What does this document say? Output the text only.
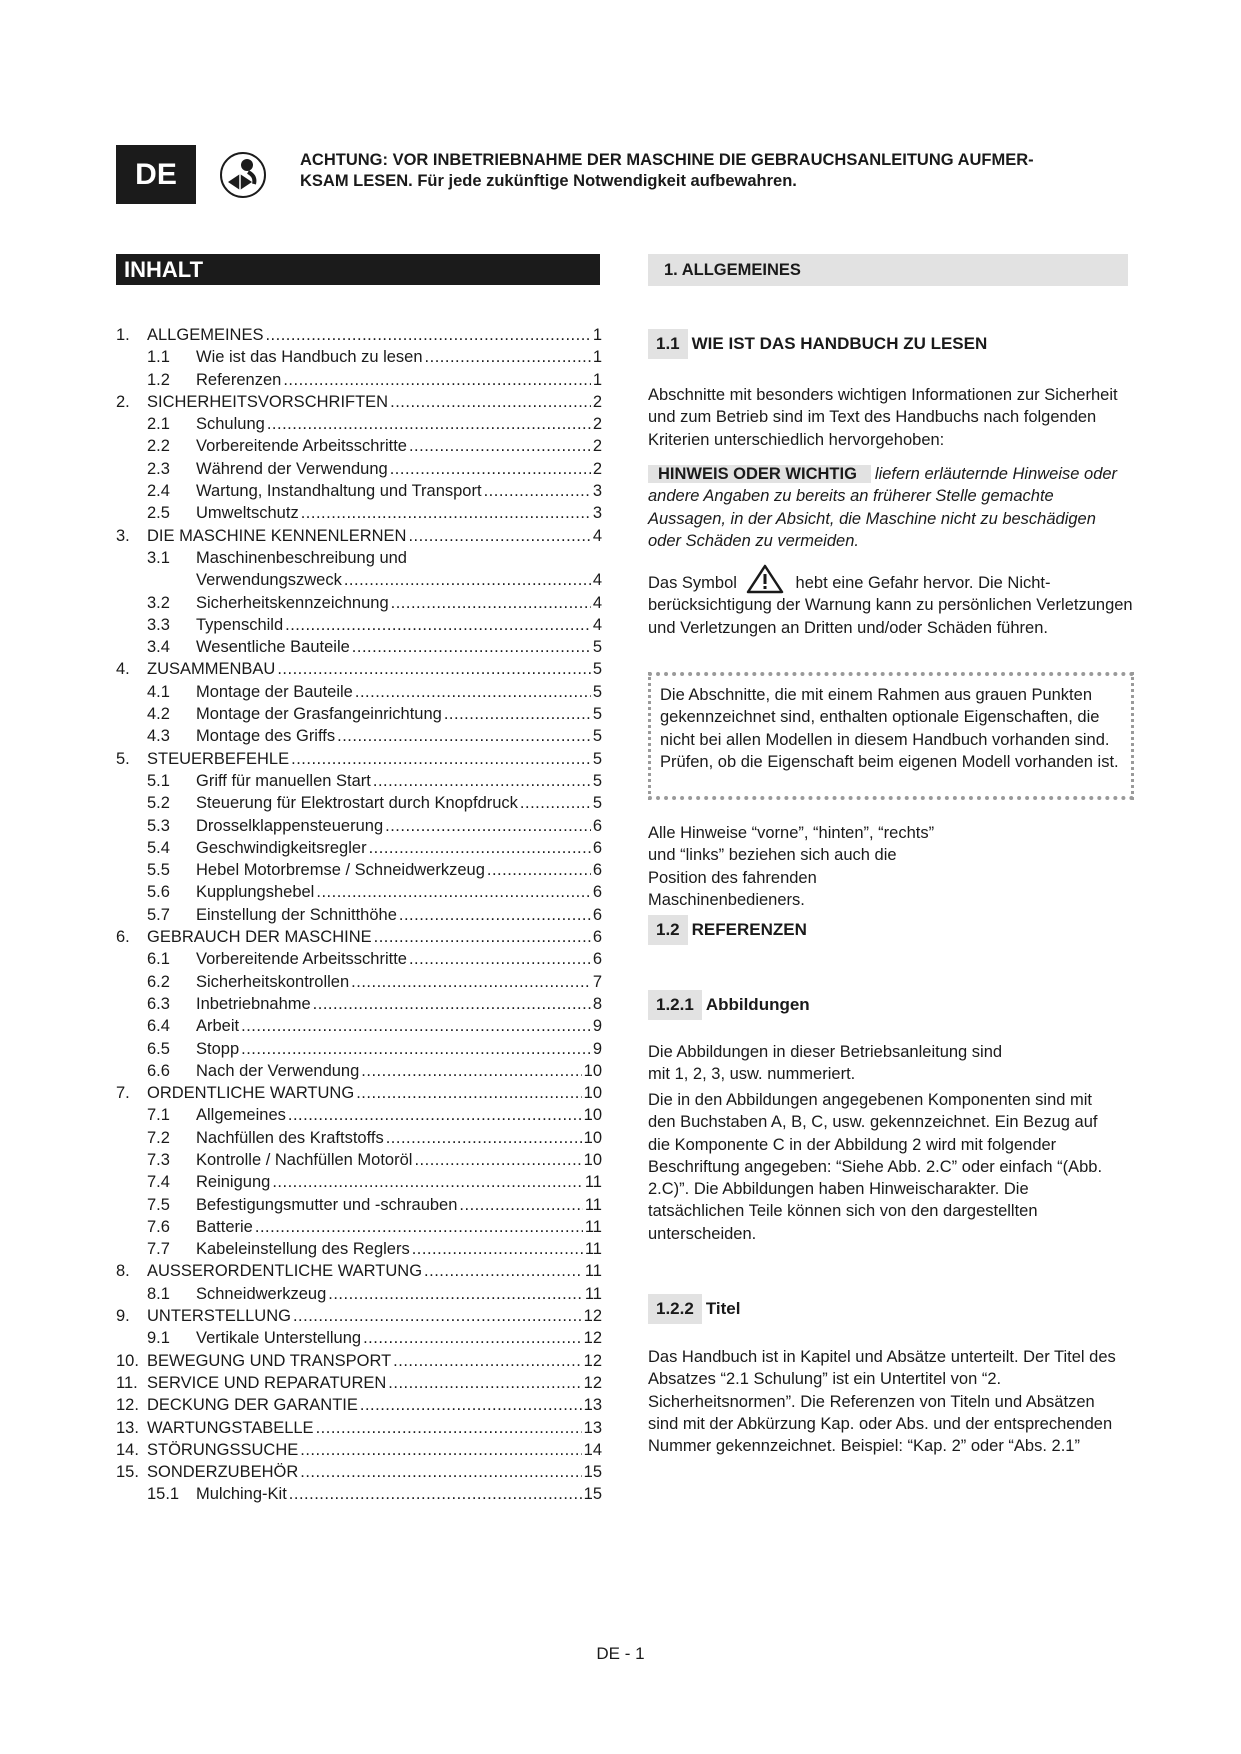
DE	ACHTUNG: VOR INBETRIEBNAHME DER MASCHINE DIE GEBRAUCHSANLEITUNG AUFMER-
KSAM LESEN. Für jede zukünftige Notwendigkeit aufbewahren.
INHALT
1.	ALLGEMEINES .....	1
1.1	Wie ist das Handbuch zu lesen .....	1
1.2	Referenzen .....	1
2.	SICHERHEITSVORSCHRIFTEN .....	2
2.1	Schulung .....	2
2.2	Vorbereitende Arbeitsschritte .....	2
2.3	Während der Verwendung .....	2
2.4	Wartung, Instandhaltung und Transport .....	3
2.5	Umweltschutz .....	3
3.	DIE MASCHINE KENNENLERNEN .....	4
3.1	Maschinenbeschreibung und
Verwendungszweck .....	4
3.2	Sicherheitskennzeichnung .....	4
3.3	Typenschild .....	4
3.4	Wesentliche Bauteile .....	5
4.	ZUSAMMENBAU .....	5
4.1	Montage der Bauteile .....	5
4.2	Montage der Grasfangeinrichtung .....	5
4.3	Montage des Griffs .....	5
5.	STEUERBEFEHLE .....	5
5.1	Griff für manuellen Start .....	5
5.2	Steuerung für Elektrostart durch Knopfdruck .....	5
5.3	Drosselklappensteuerung .....	6
5.4	Geschwindigkeitsregler .....	6
5.5	Hebel Motorbremse / Schneidwerkzeug .....	6
5.6	Kupplungshebel .....	6
5.7	Einstellung der Schnitthöhe .....	6
6.	GEBRAUCH DER MASCHINE .....	6
6.1	Vorbereitende Arbeitsschritte .....	6
6.2	Sicherheitskontrollen .....	7
6.3	Inbetriebnahme .....	8
6.4	Arbeit .....	9
6.5	Stopp .....	9
6.6	Nach der Verwendung .....	10
7.	ORDENTLICHE WARTUNG .....	10
7.1	Allgemeines .....	10
7.2	Nachfüllen des Kraftstoffs .....	10
7.3	Kontrolle / Nachfüllen Motoröl .....	10
7.4	Reinigung .....	11
7.5	Befestigungsmutter und -schrauben .....	11
7.6	Batterie .....	11
7.7	Kabeleinstellung des Reglers .....	11
8.	AUSSERORDENTLICHE WARTUNG .....	11
8.1	Schneidwerkzeug .....	11
9.	UNTERSTELLUNG .....	12
9.1	Vertikale Unterstellung .....	12
10. BEWEGUNG UND TRANSPORT .....	12
11. SERVICE UND REPARATUREN .....	12
12. DECKUNG DER GARANTIE .....	13
13. WARTUNGSTABELLE .....	13
14. STÖRUNGSSUCHE .....	14
15. SONDERZUBEHÖR .....	15
15.1	Mulching-Kit .....	15
1. ALLGEMEINES
1.1 WIE IST DAS HANDBUCH ZU LESEN
Abschnitte mit besonders wichtigen Informationen zur Sicherheit und zum Betrieb sind im Text des Handbuchs nach folgenden Kriterien unterschiedlich hervorgehoben:
HINWEIS ODER WICHTIG liefern erläuternde Hinweise oder andere Angaben zu bereits an früherer Stelle gemachte Aussagen, in der Absicht, die Maschine nicht zu beschädigen oder Schäden zu vermeiden.
Das Symbol	hebt eine Gefahr hervor. Die Nicht-berücksichtigung der Warnung kann zu persönlichen Verletzungen und Verletzungen an Dritten und/oder Schäden führen.
Die Abschnitte, die mit einem Rahmen aus grauen Punkten gekennzeichnet sind, enthalten optionale Eigenschaften, die nicht bei allen Modellen in diesem Handbuch vorhanden sind. Prüfen, ob die Eigenschaft beim eigenen Modell vorhanden ist.
Alle Hinweise “vorne”, “hinten”, “rechts” und “links” beziehen sich auch die Position des fahrenden Maschinenbedieners.
1.2 REFERENZEN
1.2.1 Abbildungen
Die Abbildungen in dieser Betriebsanleitung sind mit 1, 2, 3, usw. nummeriert.
Die in den Abbildungen angegebenen Komponenten sind mit den Buchstaben A, B, C, usw. gekennzeichnet. Ein Bezug auf die Komponente C in der Abbildung 2 wird mit folgender Beschriftung angegeben: “Siehe Abb. 2.C” oder einfach “(Abb. 2.C)”. Die Abbildungen haben Hinweischarakter. Die tatsächlichen Teile können sich von den dargestellten unterscheiden.
1.2.2 Titel
Das Handbuch ist in Kapitel und Absätze unterteilt. Der Titel des Absatzes “2.1 Schulung” ist ein Untertitel von “2. Sicherheitsnormen”. Die Referenzen von Titeln und Absätzen sind mit der Abkürzung Kap. oder Abs. und der entsprechenden Nummer gekennzeichnet. Beispiel: “Kap. 2” oder “Abs. 2.1”
DE - 1
